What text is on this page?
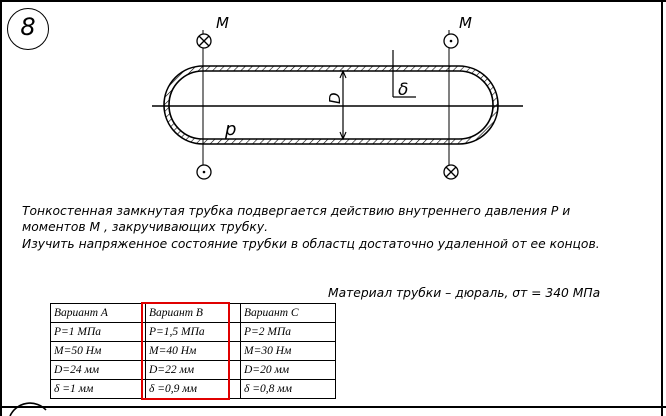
8	M	M
D	δ
p
Тонкостенная замкнутая трубка подвергается действию внутреннего давления P и
моментов M , закручивающих трубку.
Изучить напряженное состояние трубки в областц достаточно удаленной от ее концов.
Материал трубки – дюраль, σт = 340 МПа
Вариант A	Вариант B	Вариант C
P=1 МПа	P=1,5 МПа	P=2 МПа
M=50 Нм	M=40 Нм	M=30 Нм
D=24 мм	D=22 мм	D=20 мм
δ =1 мм	δ =0,9 мм	δ =0,8 мм
